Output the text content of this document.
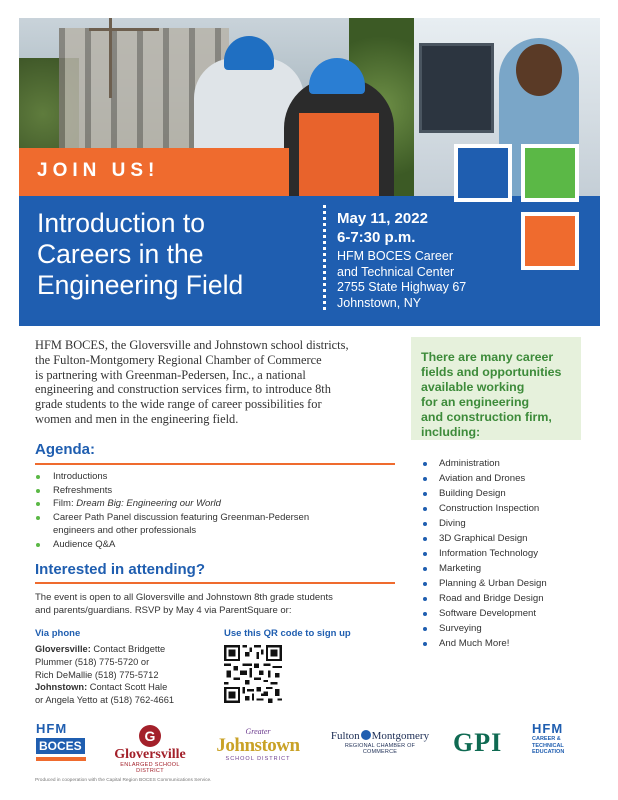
JOIN US!
Introduction to
Careers in the
Engineering Field
May 11, 2022
6-7:30 p.m.
HFM BOCES Career
and Technical Center
2755 State Highway 67
Johnstown, NY
HFM BOCES, the Gloversville and Johnstown school districts,
the Fulton-Montgomery Regional Chamber of Commerce
is partnering with Greenman-Pedersen, Inc., a national
engineering and construction services firm, to introduce 8th
grade students to the wide range of career possibilities for
women and men in the engineering field.
Agenda:
Introductions
Refreshments
Film: Dream Big: Engineering our World
Career Path Panel discussion featuring Greenman-Pedersen
engineers and other professionals
Audience Q&A
Interested in attending?
The event is open to all Gloversville and Johnstown 8th grade students
and parents/guardians. RSVP by May 4 via ParentSquare or:
Via phone
Gloversville: Contact Bridgette
Plummer (518) 775-5720 or
Rich DeMallie (518) 775-5712
Johnstown: Contact Scott Hale
or Angela Yetto at (518) 762-4661
Use this QR code to sign up
There are many career
fields and opportunities
available working
for an engineering
and construction firm,
including:
Administration
Aviation and Drones
Building Design
Construction Inspection
Diving
3D Graphical Design
Information Technology
Marketing
Planning & Urban Design
Road and Bridge Design
Software Development
Surveying
And Much More!
HFM
BOCES
G
Gloversville
ENLARGED SCHOOL DISTRICT
Greater
Johnstown
SCHOOL DISTRICT
Fulton Montgomery
REGIONAL CHAMBER OF COMMERCE	GPI HFM
CAREER &
TECHNICAL
EDUCATION
Produced in cooperation with the Capital Region BOCES Communications Service.
